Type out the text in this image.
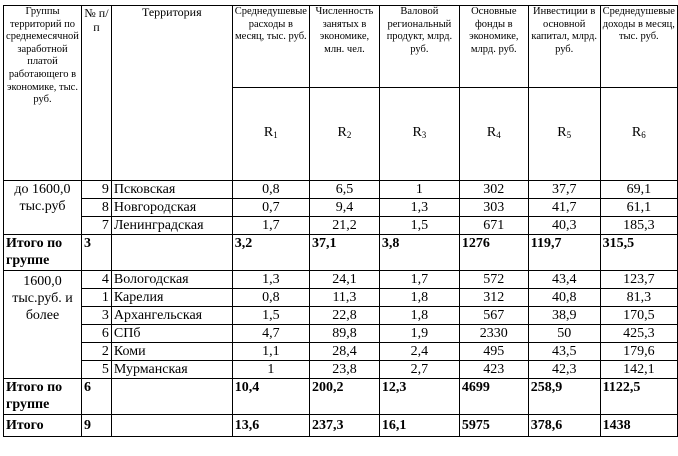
Группы территорий по среднемесячной заработной платой работающего в экономике, тыс. руб.	№ п/п	Территория	Среднедушевые расходы в месяц, тыс. руб.	Численность занятых в экономике, млн. чел.	Валовой региональный продукт, млрд. руб.	Основные фонды в экономике, млрд. руб.	Инвестиции в основной капитал, млрд. руб.	Среднедушевые доходы в месяц, тыс. руб.
			$R_1$	$R_2$	$R_3$	$R_4$	$R_5$	$R_6$
до 1600,0 тыс.руб	9	Псковская	0,8	6,5	1	302	37,7	69,1
	8	Новгородская	0,7	9,4	1,3	303	41,7	61,1
	7	Ленинградская	1,7	21,2	1,5	671	40,3	185,3
Итого по группе	3		3,2	37,1	3,8	1276	119,7	315,5
1600,0 тыс.руб. и более	4	Вологодская	1,3	24,1	1,7	572	43,4	123,7
	1	Карелия	0,8	11,3	1,8	312	40,8	81,3
	3	Архангельская	1,5	22,8	1,8	567	38,9	170,5
	6	СПб	4,7	89,8	1,9	2330	50	425,3
	2	Коми	1,1	28,4	2,4	495	43,5	179,6
	5	Мурманская	1	23,8	2,7	423	42,3	142,1
Итого по группе	6		10,4	200,2	12,3	4699	258,9	1122,5
Итого	9		13,6	237,3	16,1	5975	378,6	1438
